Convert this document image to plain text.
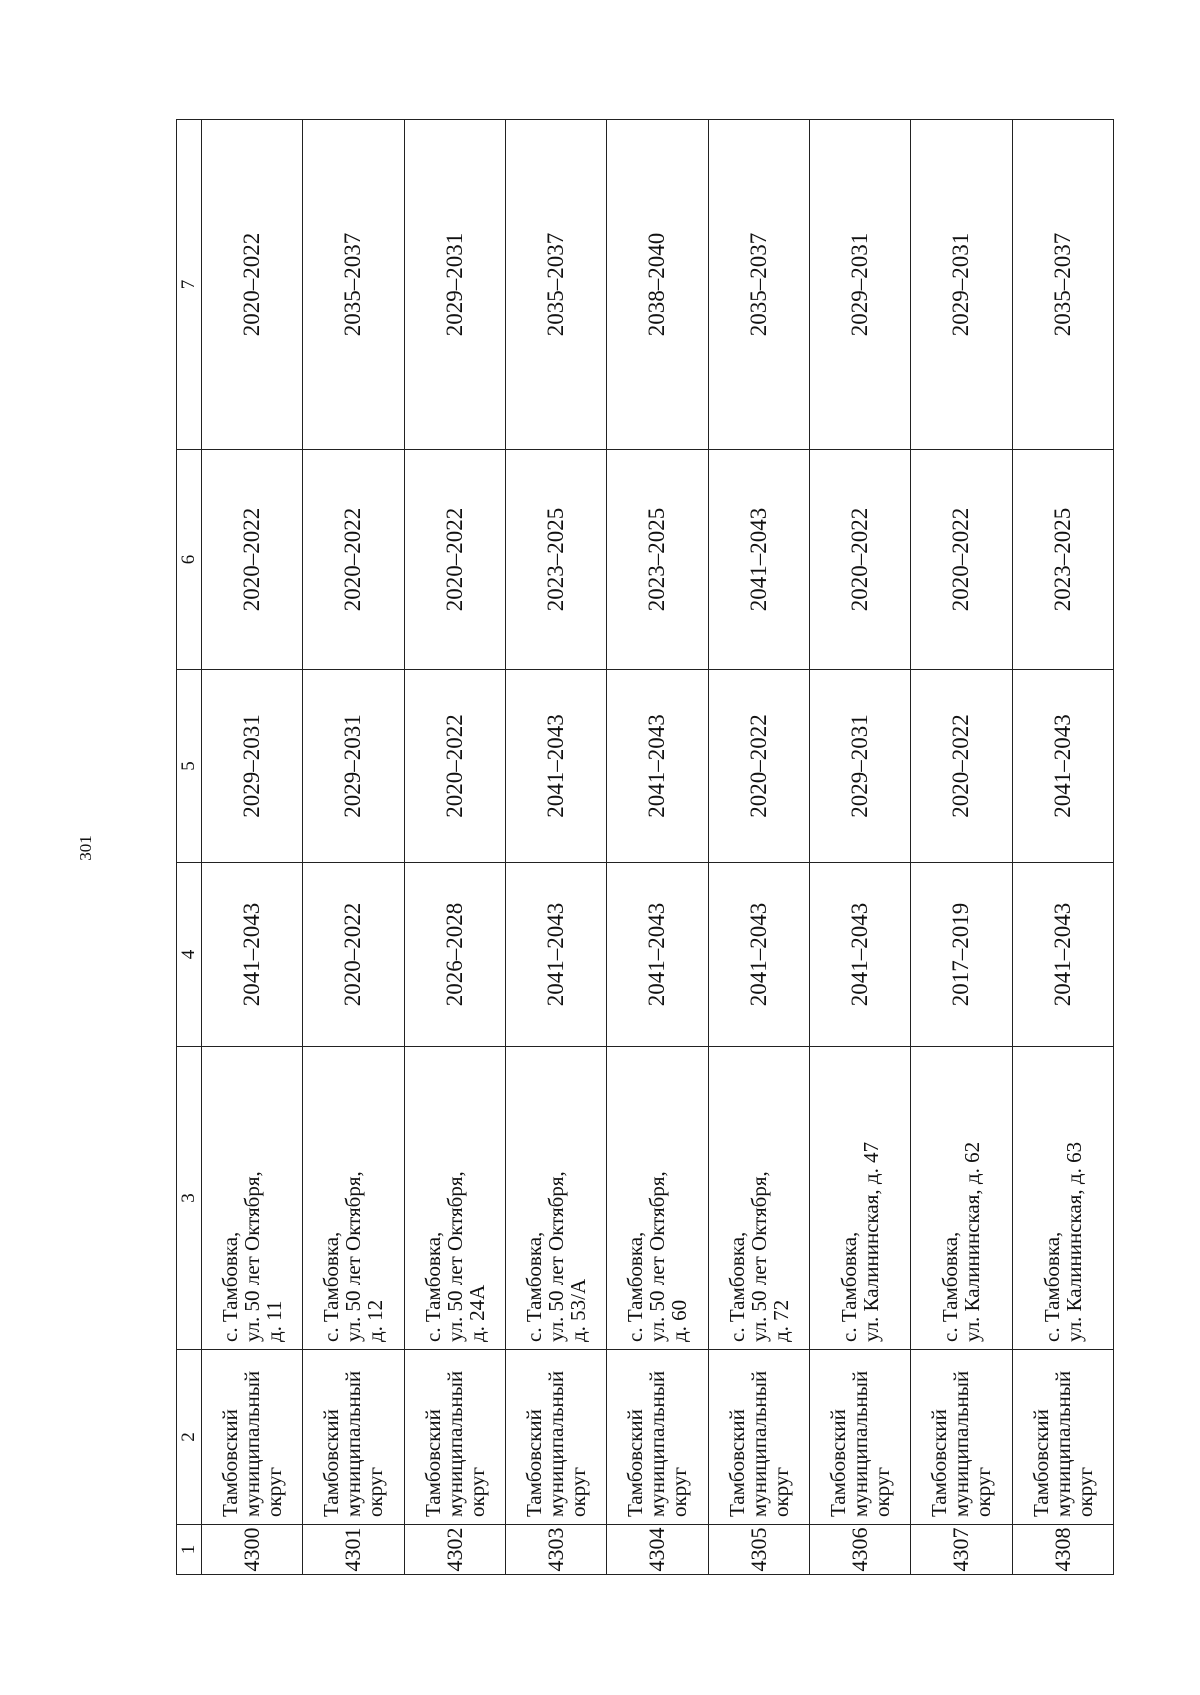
301
1	2	3	4	5	6	7
4300	Тамбовский
муниципальный
округ	с. Тамбовка,
ул. 50 лет Октября,
д. 11	2041–2043	2029–2031	2020–2022	2020–2022
4301	Тамбовский
муниципальный
округ	с. Тамбовка,
ул. 50 лет Октября,
д. 12	2020–2022	2029–2031	2020–2022	2035–2037
4302	Тамбовский
муниципальный
округ	с. Тамбовка,
ул. 50 лет Октября,
д. 24А	2026–2028	2020–2022	2020–2022	2029–2031
4303	Тамбовский
муниципальный
округ	с. Тамбовка,
ул. 50 лет Октября,
д. 53/А	2041–2043	2041–2043	2023–2025	2035–2037
4304	Тамбовский
муниципальный
округ	с. Тамбовка,
ул. 50 лет Октября,
д. 60	2041–2043	2041–2043	2023–2025	2038–2040
4305	Тамбовский
муниципальный
округ	с. Тамбовка,
ул. 50 лет Октября,
д. 72	2041–2043	2020–2022	2041–2043	2035–2037
4306	Тамбовский
муниципальный
округ	с. Тамбовка,
ул. Калининская, д. 47	2041–2043	2029–2031	2020–2022	2029–2031
4307	Тамбовский
муниципальный
округ	с. Тамбовка,
ул. Калининская, д. 62	2017–2019	2020–2022	2020–2022	2029–2031
4308	Тамбовский
муниципальный
округ	с. Тамбовка,
ул. Калининская, д. 63	2041–2043	2041–2043	2023–2025	2035–2037
